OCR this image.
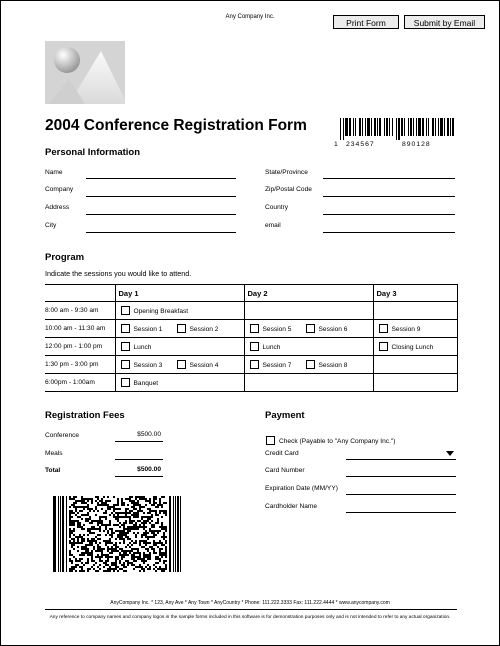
Any Company Inc.
Print Form	Submit by Email
2004 Conference Registration Form
1 234567	890128
Personal Information
Name
Company
Address
City
State/Province
Zip/Postal Code
Country
email
Program
Indicate the sessions you would like to attend.
	Day 1	Day 2	Day 3
8:00 am - 9:30 am	Opening Breakfast		
10:00 am - 11:30 am	Session 1 Session 2	Session 5 Session 6	Session 9
12:00 pm - 1:00 pm	Lunch	Lunch	Closing Lunch
1:30 pm - 3:00 pm	Session 3 Session 4	Session 7 Session 8	
6:00pm - 1:00am	Banquet		
Registration Fees
Conference	$500.00
Meals
Total	$500.00
Payment
Check (Payable to "Any Company Inc.")
Credit Card
Card Number
Expiration Date (MM/YY)
Cardholder Name
AnyCompany Inc. * 123, Any Ave * Any Town * AnyCountry * Phone: 111.222.3333 Fax: 111.222.4444 * www.anycompany.com
Any reference to company names and company logos in the sample forms included in this software is for demonstration purposes only and is not intended to refer to any actual organization.
